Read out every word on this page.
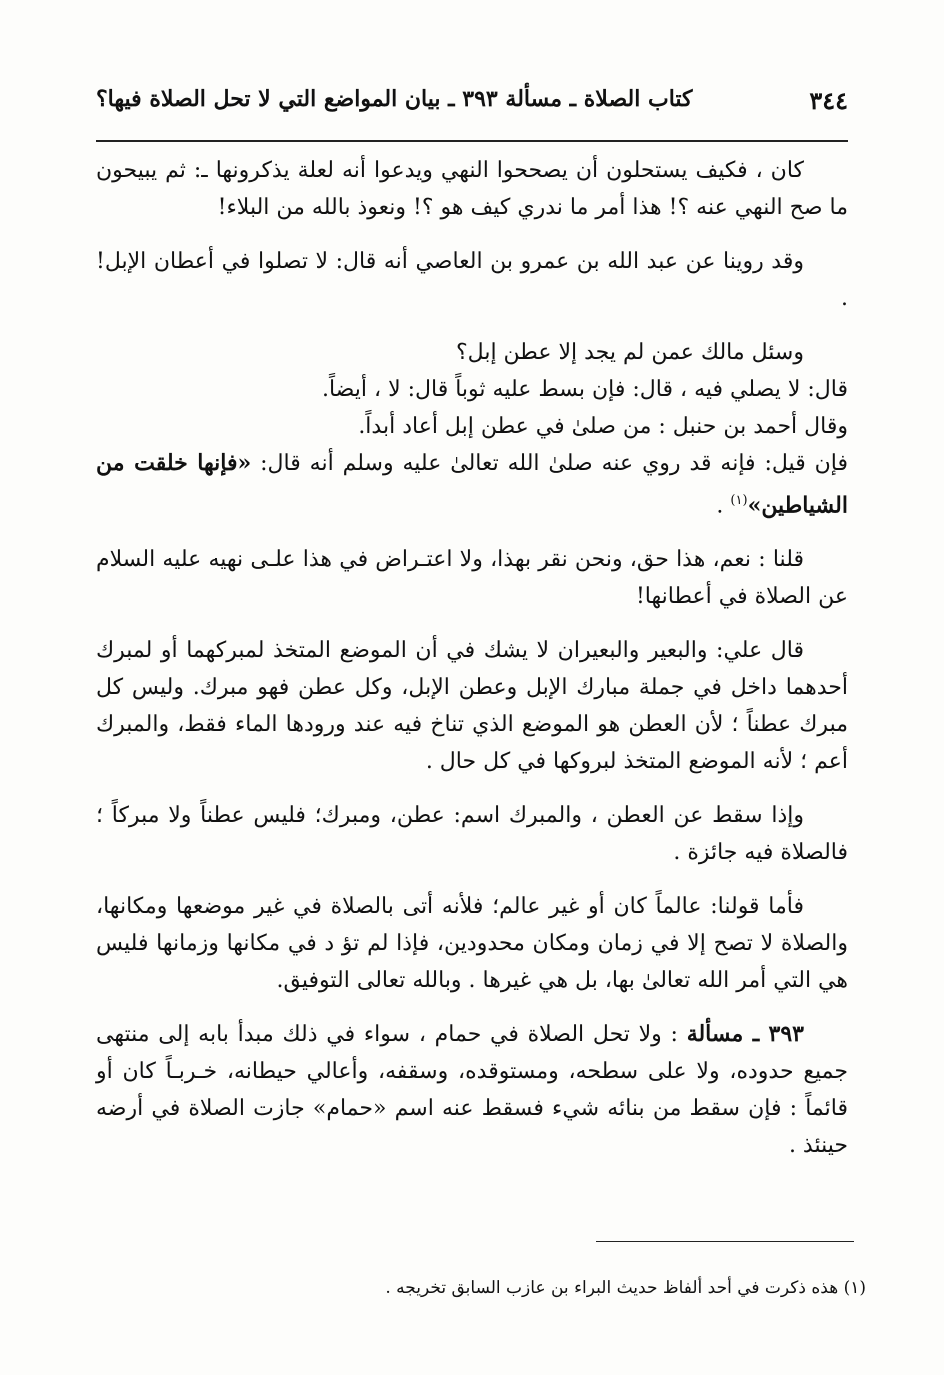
٣٤٤
كتاب الصلاة ـ مسألة ٣٩٣ ـ بيان المواضع التي لا تحل الصلاة فيها؟

كان ، فكيف يستحلون أن يصححوا النهي ويدعوا أنه لعلة يذكرونها ـ: ثم يبيحون ما صح النهي عنه ؟! هذا أمر ما ندري كيف هو ؟! ونعوذ بالله من البلاء!

وقد روينا عن عبد الله بن عمرو بن العاصي أنه قال: لا تصلوا في أعطان الإبل! .

وسئل مالك عمن لم يجد إلا عطن إبل؟

قال: لا يصلي فيه ، قال: فإن بسط عليه ثوباً قال: لا ، أيضاً.

وقال أحمد بن حنبل : من صلىٰ في عطن إبل أعاد أبداً.

فإن قيل: فإنه قد روي عنه صلىٰ الله تعالىٰ عليه وسلم أنه قال: «فإنها خلقت من الشياطين»$^{(١)}$ .

قلنا : نعم، هذا حق، ونحن نقر بهذا، ولا اعتـراض في هذا علـى نهيه عليه السلام عن الصلاة في أعطانها!

قال علي: والبعير والبعيران لا يشك في أن الموضع المتخذ لمبركهما أو لمبرك أحدهما داخل في جملة مبارك الإبل وعطن الإبل، وكل عطن فهو مبرك. وليس كل مبرك عطناً ؛ لأن العطن هو الموضع الذي تناخ فيه عند ورودها الماء فقط، والمبرك أعم ؛ لأنه الموضع المتخذ لبروكها في كل حال .

وإذا سقط عن العطن ، والمبرك اسم: عطن، ومبرك؛ فليس عطناً ولا مبركاً ؛ فالصلاة فيه جائزة .

فأما قولنا: عالماً كان أو غير عالم؛ فلأنه أتى بالصلاة في غير موضعها ومكانها، والصلاة لا تصح إلا في زمان ومكان محدودين، فإذا لم تؤ د في مكانها وزمانها فليس هي التي أمر الله تعالىٰ بها، بل هي غيرها . وبالله تعالى التوفيق.

٣٩٣ ـ مسألة : ولا تحل الصلاة في حمام ، سواء في ذلك مبدأ بابه إلى منتهى جميع حدوده، ولا على سطحه، ومستوقده، وسقفه، وأعالي حيطانه، خـربـاً كان أو قائماً : فإن سقط من بنائه شيء فسقط عنه اسم «حمام» جازت الصلاة في أرضه حينئذ .

(١) هذه ذكرت في أحد ألفاظ حديث البراء بن عازب السابق تخريجه .
